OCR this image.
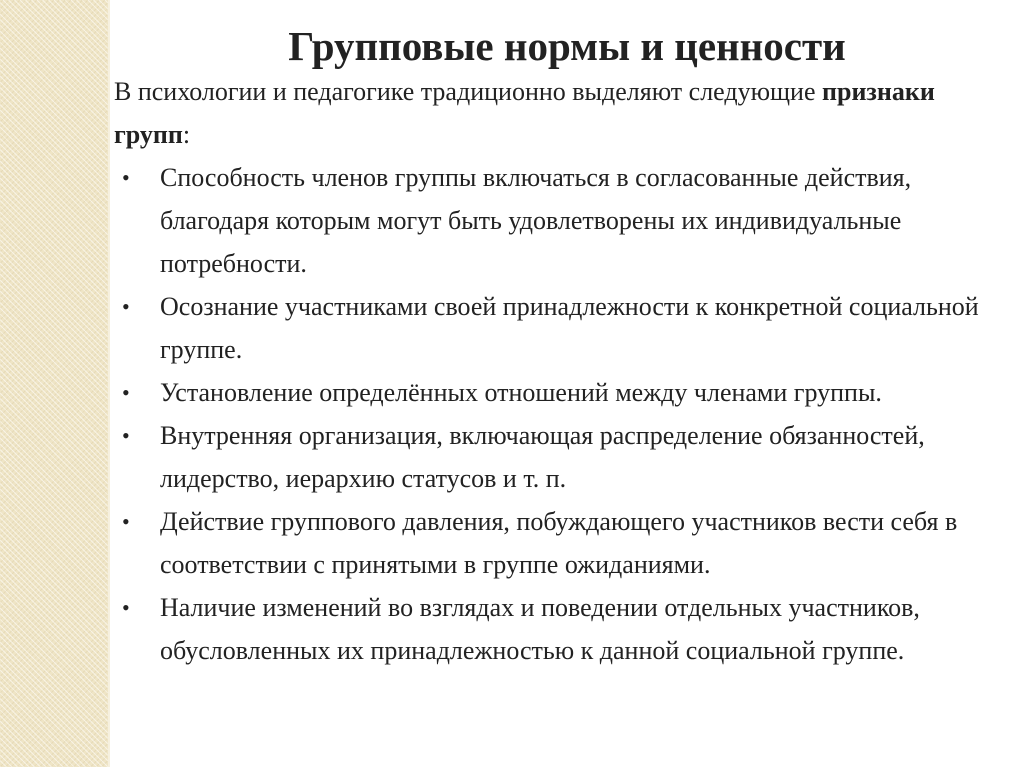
Групповые нормы и ценности

В психологии и педагогике традиционно выделяют следующие признаки групп:

• Способность членов группы включаться в согласованные действия, благодаря которым могут быть удовлетворены их индивидуальные потребности.
• Осознание участниками своей принадлежности к конкретной социальной группе.
• Установление определённых отношений между членами группы.
• Внутренняя организация, включающая распределение обязанностей, лидерство, иерархию статусов и т. п.
• Действие группового давления, побуждающего участников вести себя в соответствии с принятыми в группе ожиданиями.
• Наличие изменений во взглядах и поведении отдельных участников, обусловленных их принадлежностью к данной социальной группе.
